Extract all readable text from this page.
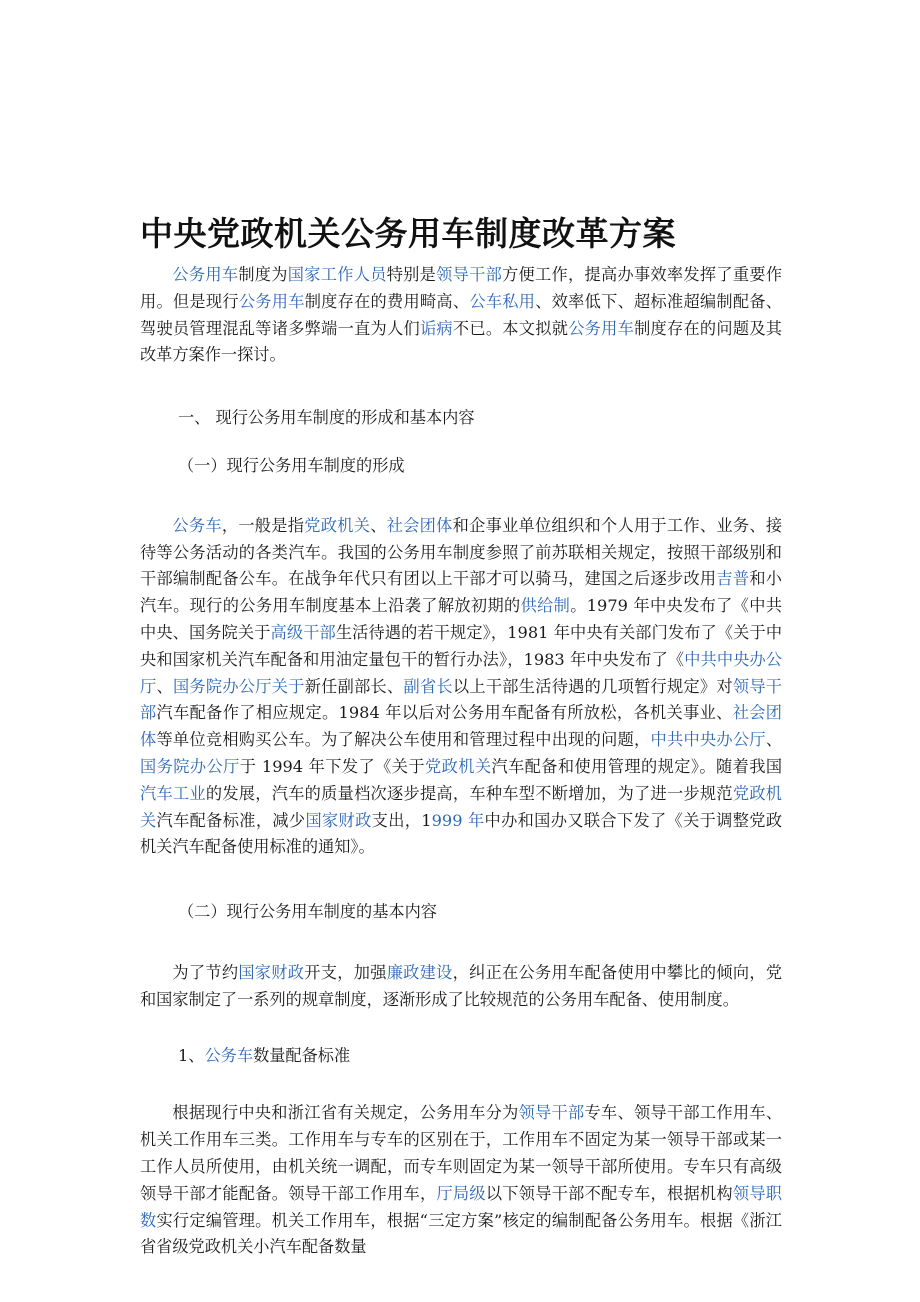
中央党政机关公务用车制度改革方案

公务用车制度为国家工作人员特别是领导干部方便工作，提高办事效率发挥了重要作用。但是现行公务用车制度存在的费用畸高、公车私用、效率低下、超标准超编制配备、驾驶员管理混乱等诸多弊端一直为人们诟病不已。本文拟就公务用车制度存在的问题及其改革方案作一探讨。

一、 现行公务用车制度的形成和基本内容

（一）现行公务用车制度的形成

公务车，一般是指党政机关、社会团体和企事业单位组织和个人用于工作、业务、接待等公务活动的各类汽车。我国的公务用车制度参照了前苏联相关规定，按照干部级别和干部编制配备公车。在战争年代只有团以上干部才可以骑马，建国之后逐步改用吉普和小汽车。现行的公务用车制度基本上沿袭了解放初期的供给制。1979 年中央发布了《中共中央、国务院关于高级干部生活待遇的若干规定》，1981 年中央有关部门发布了《关于中央和国家机关汽车配备和用油定量包干的暂行办法》，1983 年中央发布了《中共中央办公厅、国务院办公厅关于新任副部长、副省长以上干部生活待遇的几项暂行规定》对领导干部汽车配备作了相应规定。1984 年以后对公务用车配备有所放松，各机关事业、社会团体等单位竞相购买公车。为了解决公车使用和管理过程中出现的问题，中共中央办公厅、国务院办公厅于 1994 年下发了《关于党政机关汽车配备和使用管理的规定》。随着我国汽车工业的发展，汽车的质量档次逐步提高，车种车型不断增加，为了进一步规范党政机关汽车配备标准，减少国家财政支出，1999 年中办和国办又联合下发了《关于调整党政机关汽车配备使用标准的通知》。

（二）现行公务用车制度的基本内容

为了节约国家财政开支，加强廉政建设，纠正在公务用车配备使用中攀比的倾向，党和国家制定了一系列的规章制度，逐渐形成了比较规范的公务用车配备、使用制度。

1、公务车数量配备标准

根据现行中央和浙江省有关规定，公务用车分为领导干部专车、领导干部工作用车、机关工作用车三类。工作用车与专车的区别在于，工作用车不固定为某一领导干部或某一工作人员所使用，由机关统一调配，而专车则固定为某一领导干部所使用。专车只有高级领导干部才能配备。领导干部工作用车，厅局级以下领导干部不配专车，根据机构领导职数实行定编管理。机关工作用车，根据“三定方案”核定的编制配备公务用车。根据《浙江省省级党政机关小汽车配备数量
